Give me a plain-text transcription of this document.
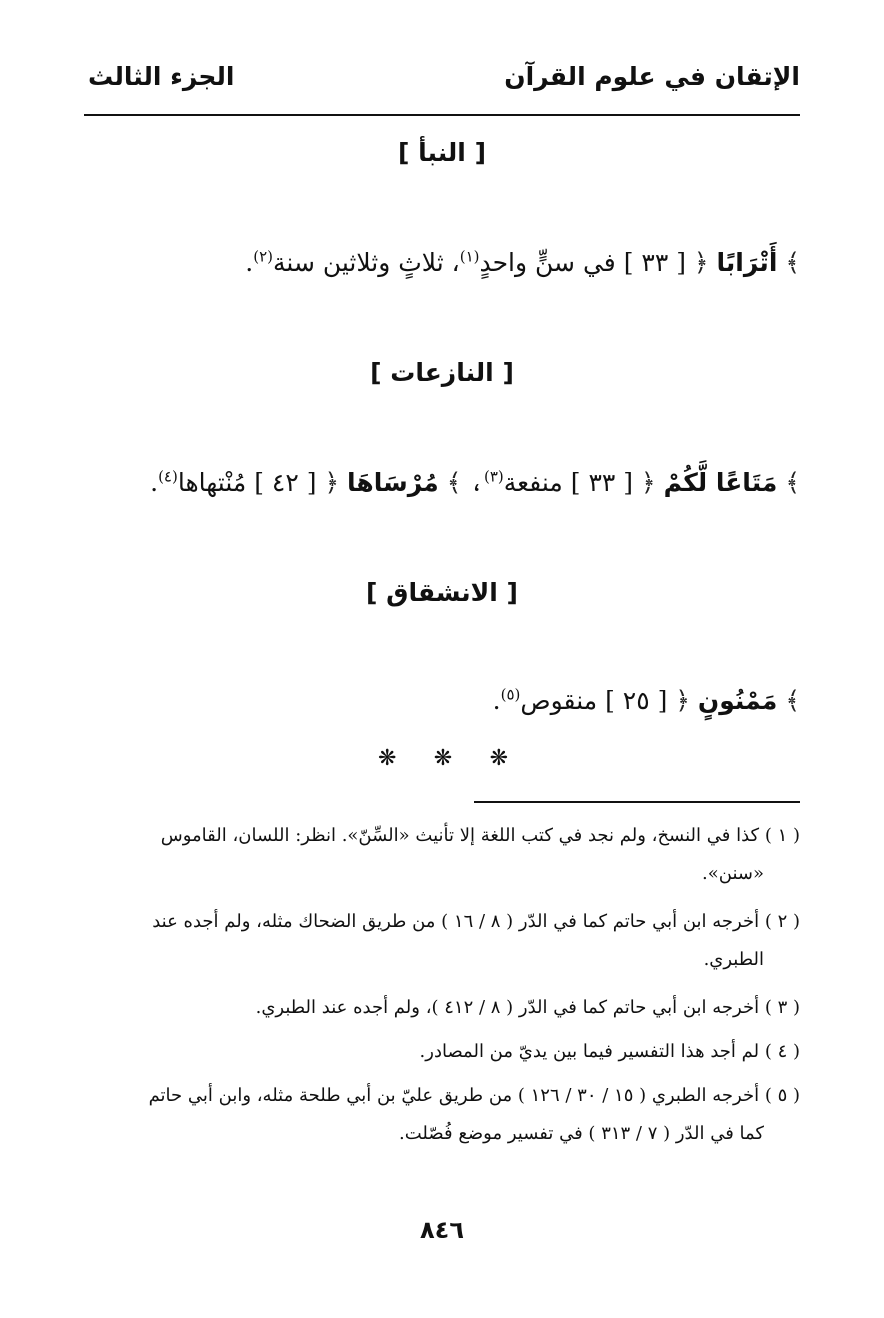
الإتقان في علوم القرآن
الجزء الثالث
[ النبأ ]
﴾ أَتْرَابًا ﴿ [ ٣٣ ] في سنٍّ واحدٍ$^{(١)}$، ثلاثٍ وثلاثين سنة$^{(٢)}$.
[ النازعات ]
﴾ مَتَاعًا لَّكُمْ ﴿ [ ٣٣ ] منفعة$^{(٣)}$، ﴾ مُرْسَاهَا ﴿ [ ٤٢ ] مُنْتهاها$^{(٤)}$.
[ الانشقاق ]
﴾ مَمْنُونٍ ﴿ [ ٢٥ ] منقوص$^{(٥)}$.
❋ ❋ ❋
( ١ ) كذا في النسخ، ولم نجد في كتب اللغة إلا تأنيث «السِّنّ». انظر: اللسان، القاموس
«سنن».
( ٢ ) أخرجه ابن أبي حاتم كما في الدّر ( ٨ / ١٦ ) من طريق الضحاك مثله، ولم أجده عند
الطبري.
( ٣ ) أخرجه ابن أبي حاتم كما في الدّر ( ٨ / ٤١٢ )، ولم أجده عند الطبري.
( ٤ ) لم أجد هذا التفسير فيما بين يديّ من المصادر.
( ٥ ) أخرجه الطبري ( ١٥ / ٣٠ / ١٢٦ ) من طريق عليّ بن أبي طلحة مثله، وابن أبي حاتم
كما في الدّر ( ٧ / ٣١٣ ) في تفسير موضع فُصّلت.
٨٤٦
